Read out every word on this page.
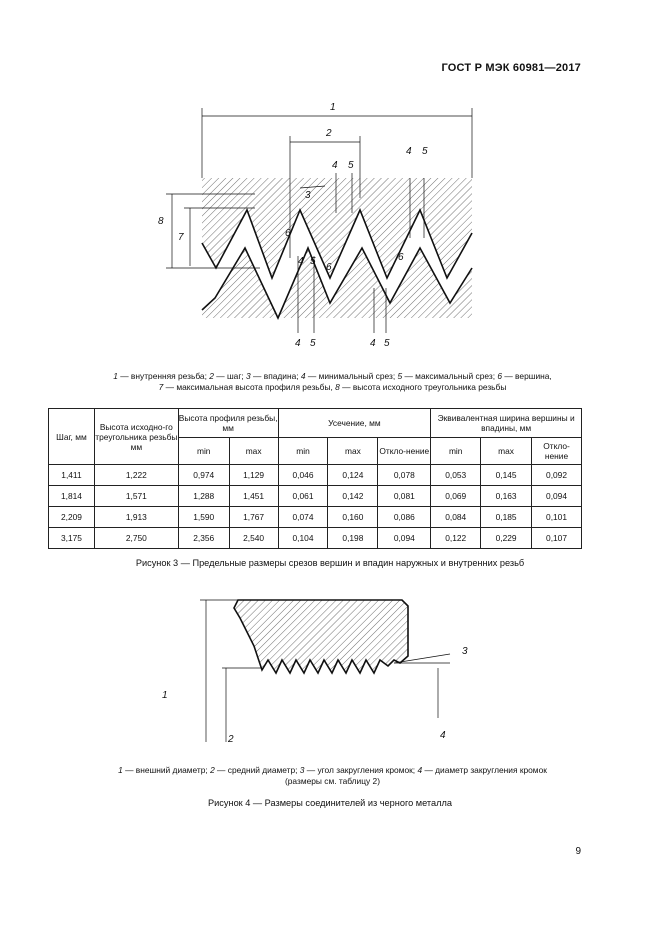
ГОСТ Р МЭК 60981—2017
1
2
3
4 5
4 5
6
6
6
4 5
7
8
4 5	4 5
1 — внутренняя резьба; 2 — шаг; 3 — впадина; 4 — минимальный срез; 5 — максимальный срез; 6 — вершина,
7 — максимальная высота профиля резьбы, 8 — высота исходного треугольника резьбы
Шаг, мм	Высота исходно-го треугольника резьбы мм	Высота профиля резьбы, мм		Усечение, мм			Эквивалентная ширина вершины и впадины, мм		
		min	max	min	max	Откло-нение	min	max	Откло-нение
1,411	1,222	0,974	1,129	0,046	0,124	0,078	0,053	0,145	0,092
1,814	1,571	1,288	1,451	0,061	0,142	0,081	0,069	0,163	0,094
2,209	1,913	1,590	1,767	0,074	0,160	0,086	0,084	0,185	0,101
3,175	2,750	2,356	2,540	0,104	0,198	0,094	0,122	0,229	0,107
Рисунок 3 — Предельные размеры срезов вершин и впадин наружных и внутренних резьб
1
2
3
4
1 — внешний диаметр; 2 — средний диаметр; 3 — угол закругления кромок; 4 — диаметр закругления кромок
(размеры см. таблицу 2)
Рисунок 4 — Размеры соединителей из черного металла
9
